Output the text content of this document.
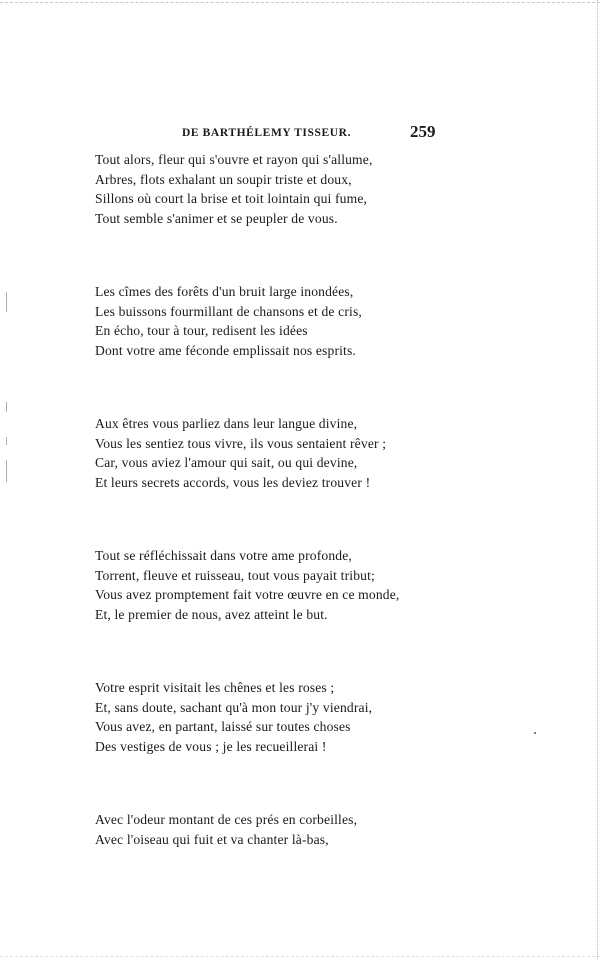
DE BARTHÉLEMY TISSEUR.	259
Tout alors, fleur qui s'ouvre et rayon qui s'allume,
Arbres, flots exhalant un soupir triste et doux,
Sillons où court la brise et toit lointain qui fume,
Tout semble s'animer et se peupler de vous.
Les cîmes des forêts d'un bruit large inondées,
Les buissons fourmillant de chansons et de cris,
En écho, tour à tour, redisent les idées
Dont votre ame féconde emplissait nos esprits.
Aux êtres vous parliez dans leur langue divine,
Vous les sentiez tous vivre, ils vous sentaient rêver ;
Car, vous aviez l'amour qui sait, ou qui devine,
Et leurs secrets accords, vous les deviez trouver !
Tout se réfléchissait dans votre ame profonde,
Torrent, fleuve et ruisseau, tout vous payait tribut;
Vous avez promptement fait votre œuvre en ce monde,
Et, le premier de nous, avez atteint le but.
Votre esprit visitait les chênes et les roses ;
Et, sans doute, sachant qu'à mon tour j'y viendrai,
Vous avez, en partant, laissé sur toutes choses
Des vestiges de vous ; je les recueillerai !
Avec l'odeur montant de ces prés en corbeilles,
Avec l'oiseau qui fuit et va chanter là-bas,
